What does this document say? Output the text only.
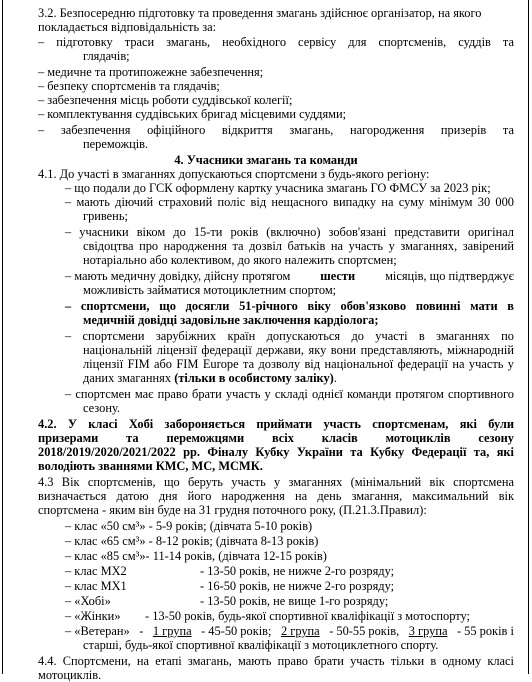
3.2. Безпосередню підготовку та проведення змагань здійснює організатор, на якого
покладається відповідальність за:
– підготовку траси змагань, необхідного сервісу для спортсменів, суддів та
глядачів;
– медичне та протипожежне забезпечення;
– безпеку спортсменів та глядачів;
– забезпечення місць роботи суддівської колегії;
– комплектування суддівських бригад місцевими суддями;
– забезпечення офіційного відкриття змагань, нагородження призерів та
переможців.
4. Учасники змагань та команди
4.1. До участі в змаганнях допускаються спортсмени з будь-якого регіону:
– що подали до ГСК оформлену картку учасника змагань ГО ФМСУ за 2023 рік;
– мають діючий страховий поліс від нещасного випадку на суму мінімум 30 000
гривень;
– учасники віком до 15-ти років (включно) зобов'язані представити оригінал
свідоцтва про народження та дозвіл батьків на участь у змаганнях, завірений
нотаріально або колективом, до якого належить спортсмен;
– мають медичну довідку, дійсну протягом шести місяців, що підтверджує
можливість займатися мотоциклетним спортом;
– спортсмени, що досягли 51-річного віку обов'язково повинні мати в
медичній довідці задовільне заключення кардіолога;
– спортсмени зарубіжних країн допускаються до участі в змаганнях по
національній ліцензії федерації держави, яку вони представляють, міжнародній
ліцензії FIM або FIM Europe та дозволу від національної федерації на участь у
даних змаганнях (тільки в особистому заліку).
– спортсмен має право брати участь у складі однієї команди протягом спортивного
сезону.
4.2. У класі Хобі забороняється приймати участь спортсменам, які були
призерами та переможцями всіх класів мотоциклів сезону
2018/2019/2020/2021/2022 рр. Фіналу Кубку України та Кубку Федерації та, які
володіють званнями КМС, МС, МСМК.
4.3 Вік спортсменів, що беруть участь у змаганнях (мінімальний вік спортсмена
визначається датою дня його народження на день змагання, максимальний вік
спортсмена - яким він буде на 31 грудня поточного року, (П.21.3.Правил):
– клас «50 см³» - 5-9 років; (дівчата 5-10 років)
– клас «65 см³» - 8-12 років; (дівчата 8-13 років)
– клас «85 см³»- 11-14 років, (дівчата 12-15 років)
– клас МХ2	- 13-50 років, не нижче 2-го розряду;
– клас МХ1	- 16-50 років, не нижче 2-го розряду;
– «Хобі»	- 13-50 років, не вище 1-го розряду;
– «Жінки» - 13-50 років, будь-якої спортивної кваліфікації з мотоспорту;
– «Ветеран» - 1 група - 45-50 років; 2 група - 50-55 років, 3 група - 55 років і
старші, будь-якої спортивної кваліфікації з мотоциклетного спорту.
4.4. Спортсмени, на етапі змагань, мають право брати участь тільки в одному класі
мотоциклів.
